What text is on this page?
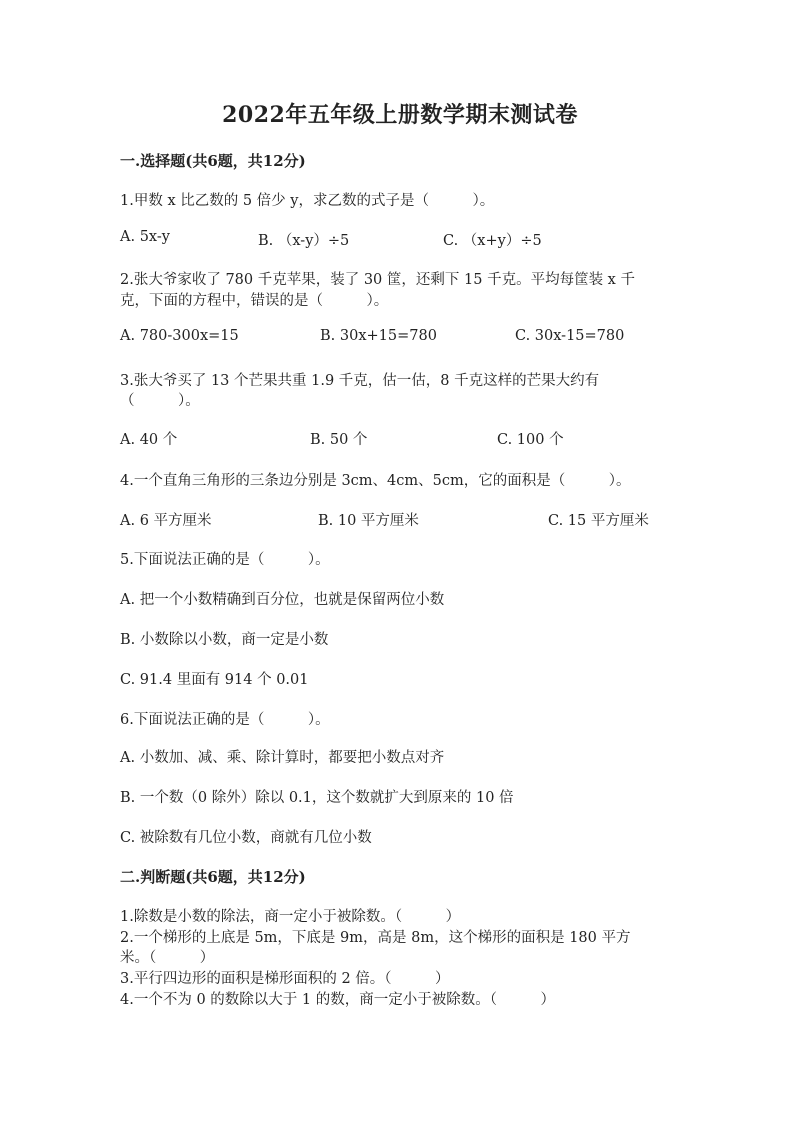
2022年五年级上册数学期末测试卷
一.选择题(共6题，共12分)
1.甲数 x 比乙数的 5 倍少 y，求乙数的式子是（　　　）。
A. 5x-y	B. （x-y）÷5	C. （x+y）÷5
2.张大爷家收了 780 千克苹果，装了 30 筐，还剩下 15 千克。平均每筐装 x 千
克，下面的方程中，错误的是（　　　）。
A. 780-300x=15	B. 30x+15=780	C. 30x-15=780
3.张大爷买了 13 个芒果共重 1.9 千克，估一估，8 千克这样的芒果大约有
（　　　）。
A. 40 个	B. 50 个	C. 100 个
4.一个直角三角形的三条边分别是 3cm、4cm、5cm，它的面积是（　　　）。
A. 6 平方厘米	B. 10 平方厘米	C. 15 平方厘米
5.下面说法正确的是（　　　）。
A. 把一个小数精确到百分位，也就是保留两位小数
B. 小数除以小数，商一定是小数
C. 91.4 里面有 914 个 0.01
6.下面说法正确的是（　　　）。
A. 小数加、减、乘、除计算时，都要把小数点对齐
B. 一个数（0 除外）除以 0.1，这个数就扩大到原来的 10 倍
C. 被除数有几位小数，商就有几位小数
二.判断题(共6题，共12分)
1.除数是小数的除法，商一定小于被除数。（　　　）
2.一个梯形的上底是 5m，下底是 9m，高是 8m，这个梯形的面积是 180 平方
米。（　　　）
3.平行四边形的面积是梯形面积的 2 倍。（　　　）
4.一个不为 0 的数除以大于 1 的数，商一定小于被除数。（　　　）
